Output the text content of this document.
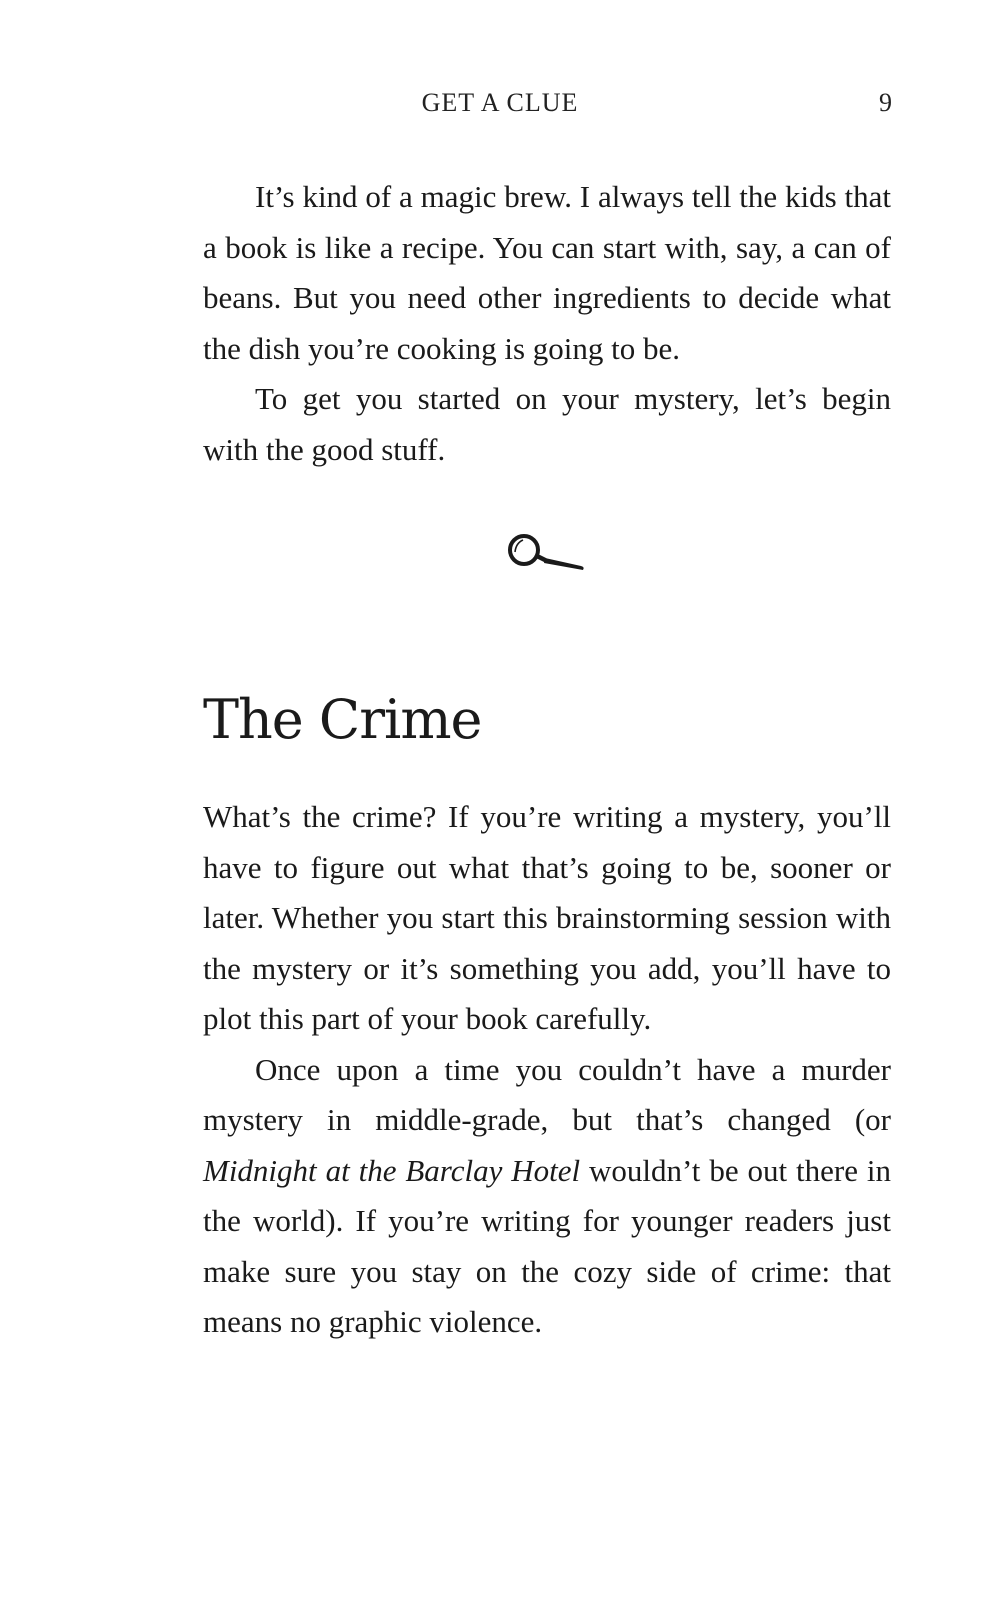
GET A CLUE	9

It’s kind of a magic brew. I always tell the kids that a book is like a recipe. You can start with, say, a can of beans. But you need other ingredients to decide what the dish you’re cooking is going to be.

To get you started on your mystery, let’s begin with the good stuff.

The Crime

What’s the crime? If you’re writing a mystery, you’ll have to figure out what that’s going to be, sooner or later. Whether you start this brainstorming session with the mystery or it’s something you add, you’ll have to plot this part of your book carefully.

Once upon a time you couldn’t have a murder mystery in middle-grade, but that’s changed (or Midnight at the Barclay Hotel wouldn’t be out there in the world). If you’re writing for younger readers just make sure you stay on the cozy side of crime: that means no graphic violence.
